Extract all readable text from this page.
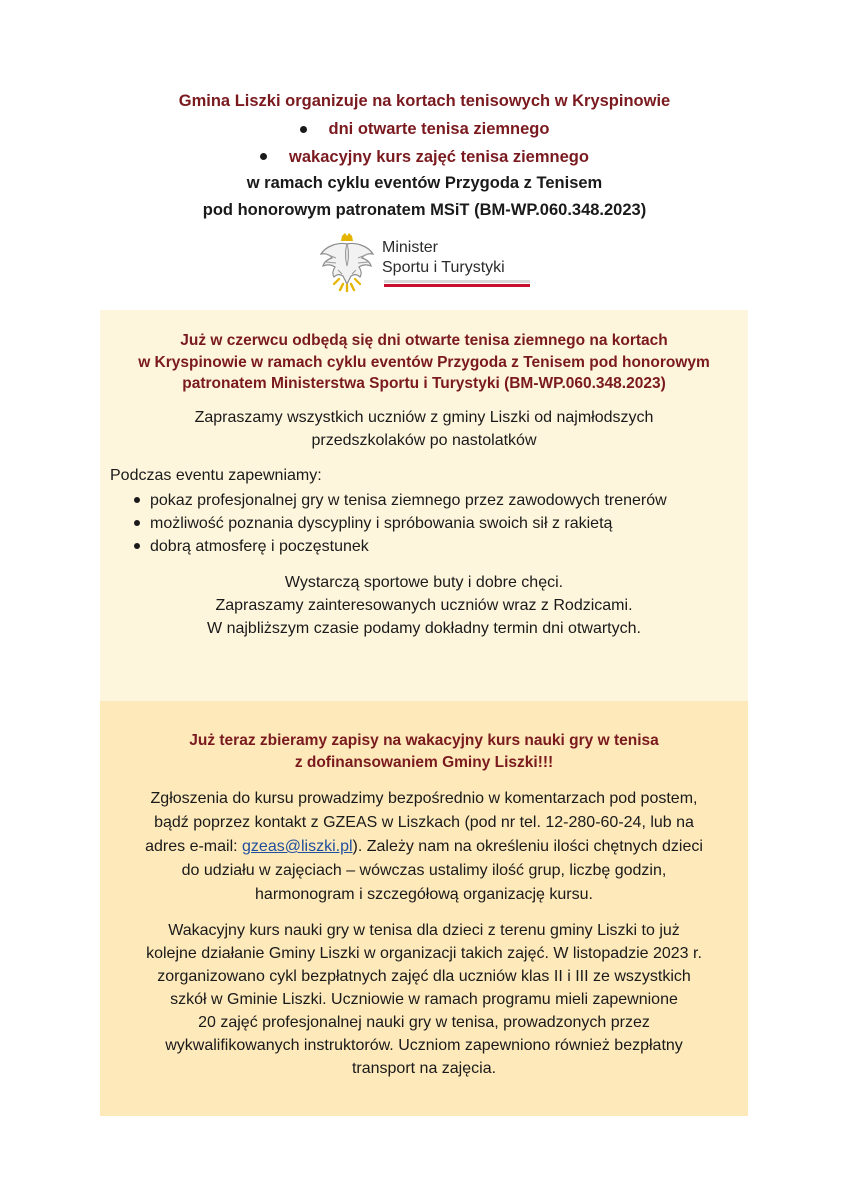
Gmina Liszki organizuje na kortach tenisowych w Kryspinowie
dni otwarte tenisa ziemnego
wakacyjny kurs zajęć tenisa ziemnego
w ramach cyklu eventów Przygoda z Tenisem
pod honorowym patronatem MSiT (BM-WP.060.348.2023)
Minister
Sportu i Turystyki
Już w czerwcu odbędą się dni otwarte tenisa ziemnego na kortach
w Kryspinowie w ramach cyklu eventów Przygoda z Tenisem pod honorowym
patronatem Ministerstwa Sportu i Turystyki (BM-WP.060.348.2023)
Zapraszamy wszystkich uczniów z gminy Liszki od najmłodszych
przedszkolaków po nastolatków
Podczas eventu zapewniamy:
pokaz profesjonalnej gry w tenisa ziemnego przez zawodowych trenerów
możliwość poznania dyscypliny i spróbowania swoich sił z rakietą
dobrą atmosferę i poczęstunek
Wystarczą sportowe buty i dobre chęci.
Zapraszamy zainteresowanych uczniów wraz z Rodzicami.
W najbliższym czasie podamy dokładny termin dni otwartych.
Już teraz zbieramy zapisy na wakacyjny kurs nauki gry w tenisa
z dofinansowaniem Gminy Liszki!!!
Zgłoszenia do kursu prowadzimy bezpośrednio w komentarzach pod postem,
bądź poprzez kontakt z GZEAS w Liszkach (pod nr tel. 12-280-60-24, lub na
adres e-mail: gzeas@liszki.pl). Zależy nam na określeniu ilości chętnych dzieci
do udziału w zajęciach – wówczas ustalimy ilość grup, liczbę godzin,
harmonogram i szczegółową organizację kursu.
Wakacyjny kurs nauki gry w tenisa dla dzieci z terenu gminy Liszki to już
kolejne działanie Gminy Liszki w organizacji takich zajęć. W listopadzie 2023 r.
zorganizowano cykl bezpłatnych zajęć dla uczniów klas II i III ze wszystkich
szkół w Gminie Liszki. Uczniowie w ramach programu mieli zapewnione
20 zajęć profesjonalnej nauki gry w tenisa, prowadzonych przez
wykwalifikowanych instruktorów. Uczniom zapewniono również bezpłatny
transport na zajęcia.
